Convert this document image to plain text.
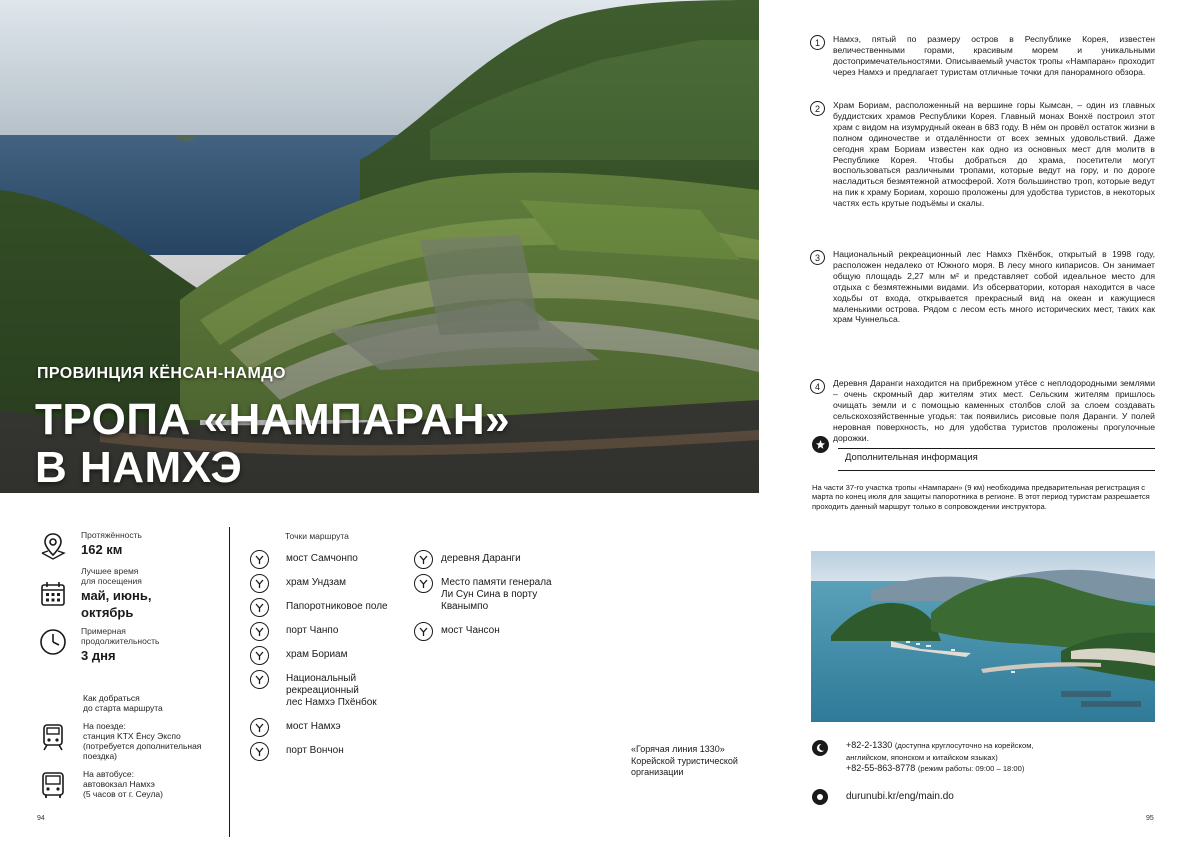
ПРОВИНЦИЯ КЁНСАН-НАМДО
ТРОПА «НАМПАРАН»
В НАМХЭ
Протяжённость
162 км
Лучшее время
для посещения
май, июнь,
октябрь
Примерная
продолжительность
3 дня
Как добраться
до старта маршрута
На поезде:
станция KTX Ёнсу Экспо
(потребуется дополнительная
поездка)
На автобусе:
автовокзал Намхэ
(5 часов от г. Сеула)
Точки маршрута
мост Самчонпо
храм Ундзам
Папоротниковое поле
порт Чанпо
храм Бориам
Национальный
рекреационный
лес Намхэ Пхёнбок
мост Намхэ
порт Вончон
деревня Даранги
Место памяти генерала
Ли Сун Сина в порту
Кванымпо
мост Чансон
«Горячая линия 1330»
Корейской туристической
организации
94	95
1	Намхэ, пятый по размеру остров в Республике Корея, известен величественными горами, красивым морем и уникальными достопримечательностями. Описываемый участок тропы «Нампаран» проходит через Намхэ и предлагает туристам отличные точки для панорамного обзора.
2	Храм Бориам, расположенный на вершине горы Кымсан, – один из главных буддистских храмов Республики Корея. Главный монах Вонхё построил этот храм с видом на изумрудный океан в 683 году. В нём он провёл остаток жизни в полном одиночестве и отдалённости от всех земных удовольствий. Даже сегодня храм Бориам известен как одно из основных мест для молитв в Республике Корея. Чтобы добраться до храма, посетители могут воспользоваться различными тропами, которые ведут на гору, и по дороге насладиться безмятежной атмосферой. Хотя большинство троп, которые ведут на пик к храму Бориам, хорошо проложены для удобства туристов, в некоторых частях есть крутые подъёмы и скалы.
3	Национальный рекреационный лес Намхэ Пхёнбок, открытый в 1998 году, расположен недалеко от Южного моря. В лесу много кипарисов. Он занимает общую площадь 2,27 млн м² и представляет собой идеальное место для отдыха с безмятежными видами. Из обсерватории, которая находится в часе ходьбы от входа, открывается прекрасный вид на океан и кажущиеся маленькими острова. Рядом с лесом есть много исторических мест, таких как храм Чуннельса.
4	Деревня Даранги находится на прибрежном утёсе с неплодородными землями – очень скромный дар жителям этих мест. Сельским жителям пришлось очищать земли и с помощью каменных столбов слой за слоем создавать сельскохозяйственные угодья: так появились рисовые поля Даранги. У полей неровная поверхность, но для удобства туристов проложены прогулочные дорожки.
Дополнительная информация
На части 37-го участка тропы «Нампаран» (9 км) необходима предварительная регистрация с марта по конец июля для защиты папоротника в регионе. В этот период туристам разрешается проходить данный маршрут только в сопровождении инструктора.
+82-2-1330 (доступна круглосуточно на корейском,
английском, японском и китайском языках)
+82-55-863-8778 (режим работы: 09:00 – 18:00)
durunubi.kr/eng/main.do
